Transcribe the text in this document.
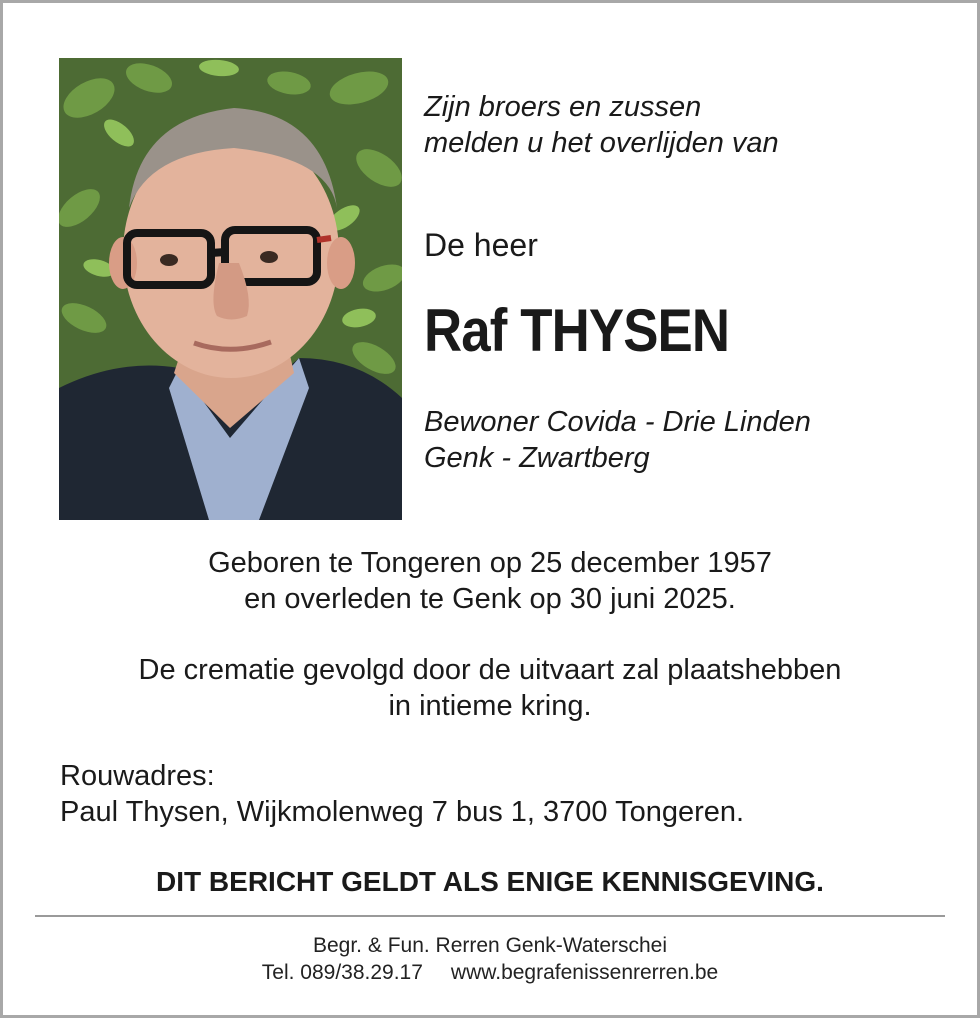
Zijn broers en zussen
melden u het overlijden van
De heer
Raf THYSEN
Bewoner Covida - Drie Linden
Genk - Zwartberg
Geboren te Tongeren op 25 december 1957
en overleden te Genk op 30 juni 2025.
De crematie gevolgd door de uitvaart zal plaatshebben
in intieme kring.
Rouwadres:
Paul Thysen, Wijkmolenweg 7 bus 1, 3700 Tongeren.
DIT BERICHT GELDT ALS ENIGE KENNISGEVING.
Begr. & Fun. Rerren Genk-Waterschei
Tel. 089/38.29.17 www.begrafenissenrerren.be
